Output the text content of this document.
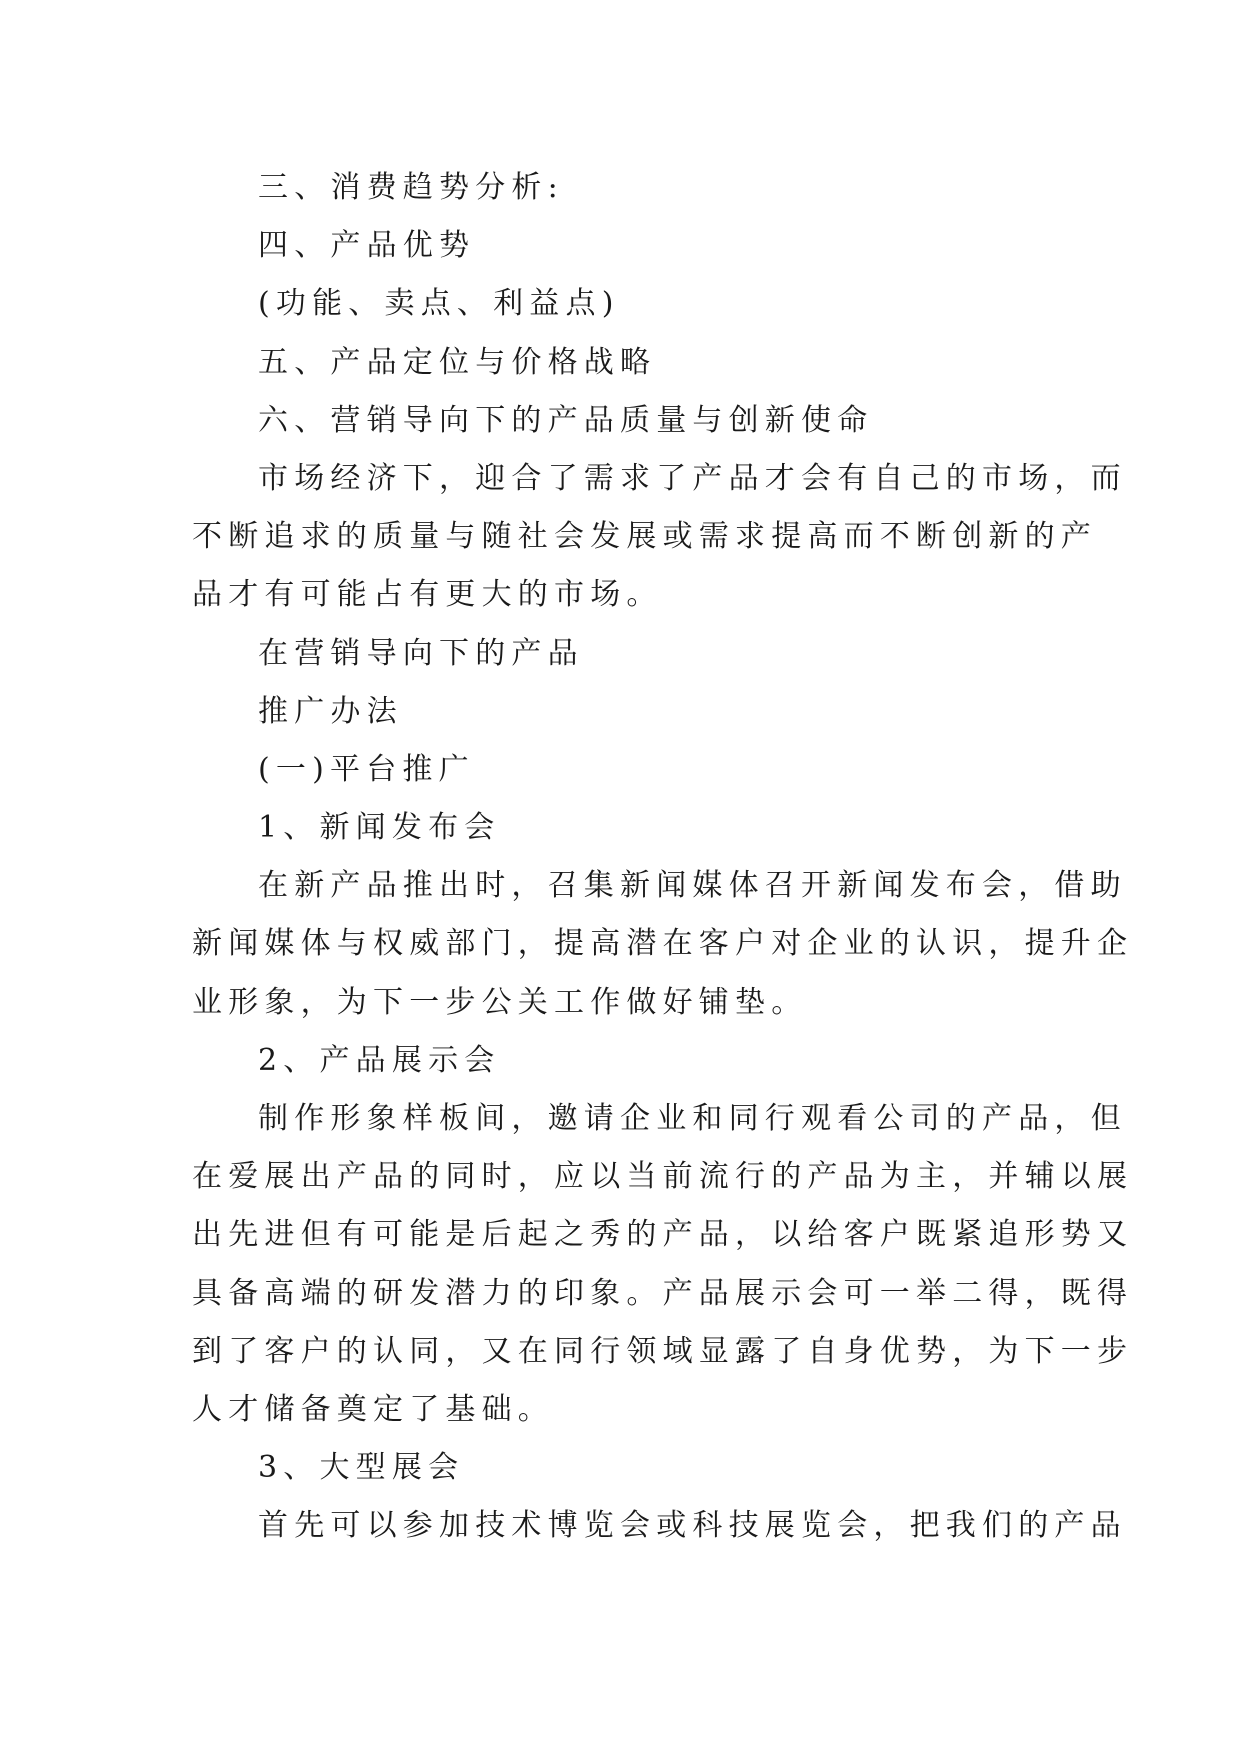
三、消费趋势分析:

四、产品优势

(功能、卖点、利益点)

五、产品定位与价格战略

六、营销导向下的产品质量与创新使命

市场经济下，迎合了需求了产品才会有自己的市场，而

不断追求的质量与随社会发展或需求提高而不断创新的产

品才有可能占有更大的市场。

在营销导向下的产品

推广办法

(一)平台推广

1、新闻发布会

在新产品推出时，召集新闻媒体召开新闻发布会，借助

新闻媒体与权威部门，提高潜在客户对企业的认识，提升企

业形象，为下一步公关工作做好铺垫。

2、产品展示会

制作形象样板间，邀请企业和同行观看公司的产品，但

在爱展出产品的同时，应以当前流行的产品为主，并辅以展

出先进但有可能是后起之秀的产品，以给客户既紧追形势又

具备高端的研发潜力的印象。产品展示会可一举二得，既得

到了客户的认同，又在同行领域显露了自身优势，为下一步

人才储备奠定了基础。

3、大型展会

首先可以参加技术博览会或科技展览会，把我们的产品
